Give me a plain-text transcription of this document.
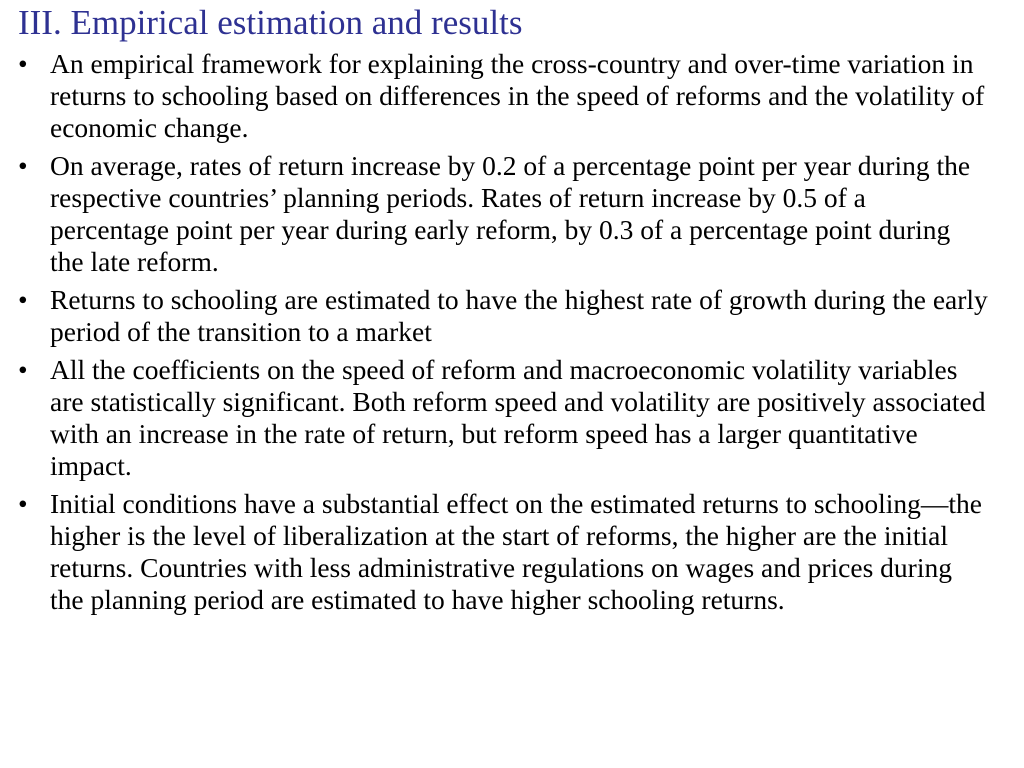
III. Empirical estimation and results
• An empirical framework for explaining the cross-country and over-time variation in returns to schooling based on differences in the speed of reforms and the volatility of economic change.
• On average, rates of return increase by 0.2 of a percentage point per year during the respective countries’ planning periods. Rates of return increase by 0.5 of a percentage point per year during early reform, by 0.3 of a percentage point during the late reform.
• Returns to schooling are estimated to have the highest rate of growth during the early period of the transition to a market
• All the coefficients on the speed of reform and macroeconomic volatility variables are statistically significant. Both reform speed and volatility are positively associated with an increase in the rate of return, but reform speed has a larger quantitative impact.
• Initial conditions have a substantial effect on the estimated returns to schooling—the higher is the level of liberalization at the start of reforms, the higher are the initial returns. Countries with less administrative regulations on wages and prices during the planning period are estimated to have higher schooling returns.
